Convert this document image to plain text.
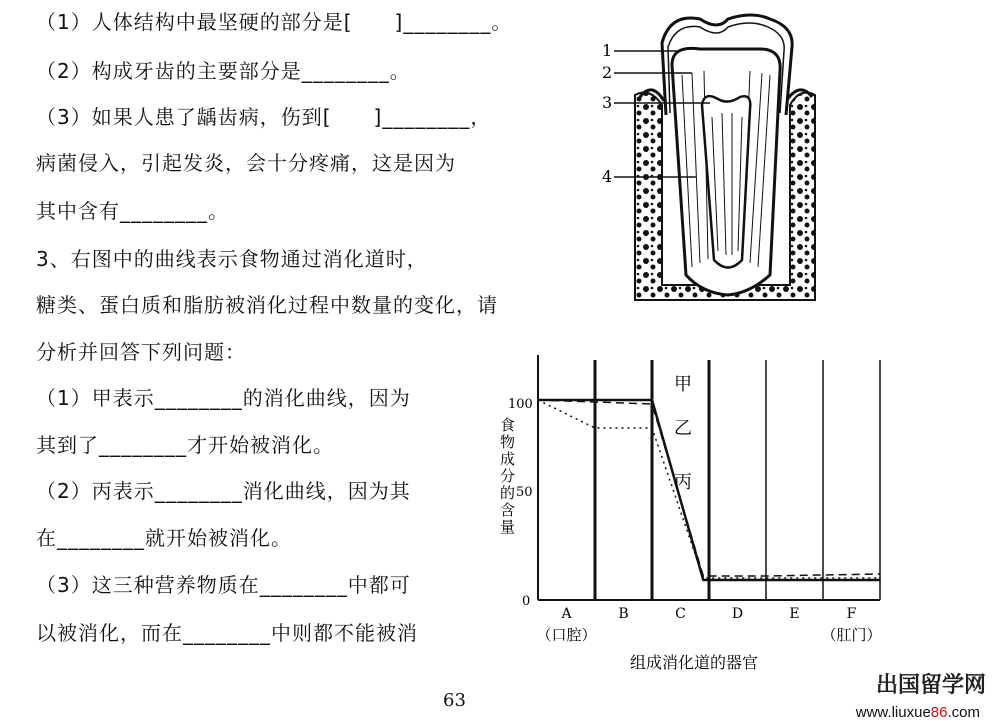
（1）人体结构中最坚硬的部分是[　　]________。
（2）构成牙齿的主要部分是________。
（3）如果人患了龋齿病，伤到[　　]________，
病菌侵入，引起发炎，会十分疼痛，这是因为
其中含有________。
3、右图中的曲线表示食物通过消化道时，
糖类、蛋白质和脂肪被消化过程中数量的变化，请
分析并回答下列问题：
（1）甲表示________的消化曲线，因为
其到了________才开始被消化。
（2）丙表示________消化曲线，因为其
在________就开始被消化。
（3）这三种营养物质在________中都可
以被消化，而在________中则都不能被消
1
2
3
4
食物成分的含量
0
50
100
A
（口腔）
B	C	D	E	F
（肛门）
甲
乙
丙
组成消化道的器官
63
出国留学网
www.liuxue86.com
